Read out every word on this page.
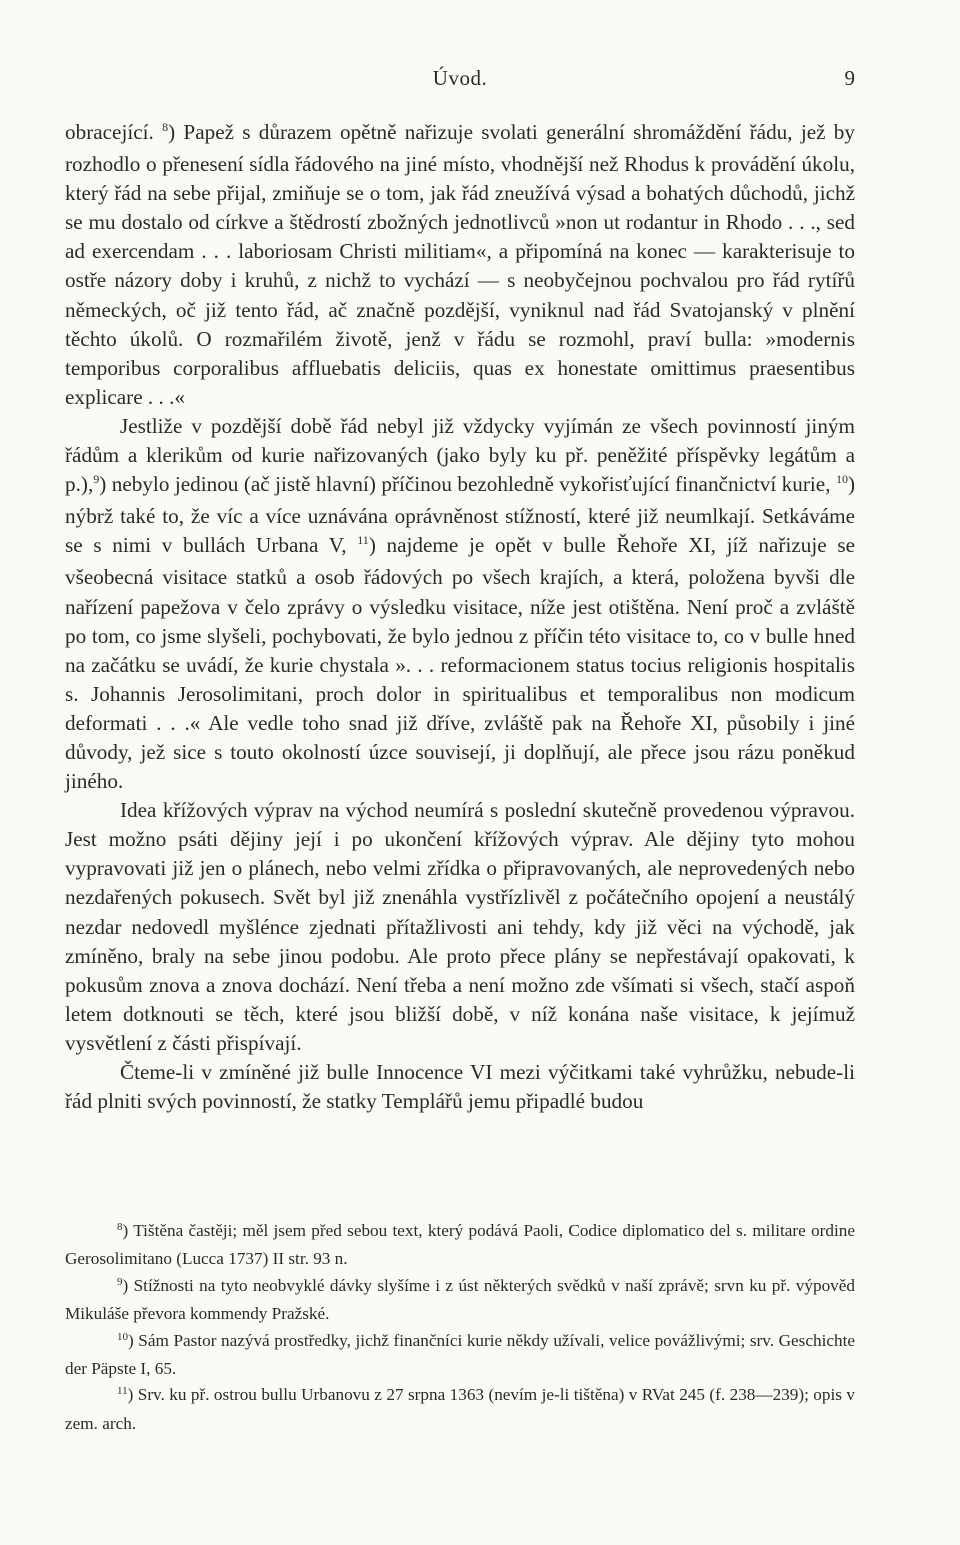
Úvod.	9

obracející. $^8$) Papež s důrazem opětně nařizuje svolati generální shromáždění řádu, jež by rozhodlo o přenesení sídla řádového na jiné místo, vhodnější než Rhodus k provádění úkolu, který řád na sebe přijal, zmiňuje se o tom, jak řád zneužívá výsad a bohatých důchodů, jichž se mu dostalo od církve a štědrostí zbožných jednotlivců »non ut rodantur in Rhodo . . ., sed ad exercendam . . . laboriosam Christi militiam«, a připomíná na konec — karakterisuje to ostře názory doby i kruhů, z nichž to vychází — s neobyčejnou pochvalou pro řád rytířů německých, oč již tento řád, ač značně pozdější, vyniknul nad řád Svatojanský v plnění těchto úkolů. O rozmařilém životě, jenž v řádu se rozmohl, praví bulla: »modernis temporibus corporalibus affluebatis deliciis, quas ex honestate omittimus praesentibus explicare . . .«

Jestliže v pozdější době řád nebyl již vždycky vyjímán ze všech povinností jiným řádům a klerikům od kurie nařizovaných (jako byly ku př. peněžité příspěvky legátům a p.),$^9$) nebylo jedinou (ač jistě hlavní) příčinou bezohledně vykořisťující finančnictví kurie, $^{10}$) nýbrž také to, že víc a více uznávána oprávněnost stížností, které již neumlkají. Setkáváme se s nimi v bullách Urbana V, $^{11}$) najdeme je opět v bulle Řehoře XI, jíž nařizuje se všeobecná visitace statků a osob řádových po všech krajích, a která, položena byvši dle nařízení papežova v čelo zprávy o výsledku visitace, níže jest otištěna. Není proč a zvláště po tom, co jsme slyšeli, pochybovati, že bylo jednou z příčin této visitace to, co v bulle hned na začátku se uvádí, že kurie chystala ». . . reformacionem status tocius religionis hospitalis s. Johannis Jerosolimitani, proch dolor in spiritualibus et temporalibus non modicum deformati . . .« Ale vedle toho snad již dříve, zvláště pak na Řehoře XI, působily i jiné důvody, jež sice s touto okolností úzce souvisejí, ji doplňují, ale přece jsou rázu poněkud jiného.

Idea křížových výprav na východ neumírá s poslední skutečně provedenou výpravou. Jest možno psáti dějiny její i po ukončení křížových výprav. Ale dějiny tyto mohou vypravovati již jen o plánech, nebo velmi zřídka o připravovaných, ale neprovedených nebo nezdařených pokusech. Svět byl již znenáhla vystřízlivěl z počátečního opojení a neustálý nezdar nedovedl myšlénce zjednati přítažlivosti ani tehdy, kdy již věci na východě, jak zmíněno, braly na sebe jinou podobu. Ale proto přece plány se nepřestávají opakovati, k pokusům znova a znova dochází. Není třeba a není možno zde všímati si všech, stačí aspoň letem dotknouti se těch, které jsou bližší době, v níž konána naše visitace, k jejímuž vysvětlení z části přispívají.

Čteme-li v zmíněné již bulle Innocence VI mezi výčitkami také vyhrůžku, nebude-li řád plniti svých povinností, že statky Templářů jemu připadlé budou

$^8$) Tištěna častěji; měl jsem před sebou text, který podává Paoli, Codice diplomatico del s. militare ordine Gerosolimitano (Lucca 1737) II str. 93 n.

$^9$) Stížnosti na tyto neobvyklé dávky slyšíme i z úst některých svědků v naší zprávě; srvn ku př. výpověd Mikuláše převora kommendy Pražské.

$^{10}$) Sám Pastor nazývá prostředky, jichž finančníci kurie někdy užívali, velice povážlivými; srv. Geschichte der Päpste I, 65.

$^{11}$) Srv. ku př. ostrou bullu Urbanovu z 27 srpna 1363 (nevím je-li tištěna) v RVat 245 (f. 238—239); opis v zem. arch.
